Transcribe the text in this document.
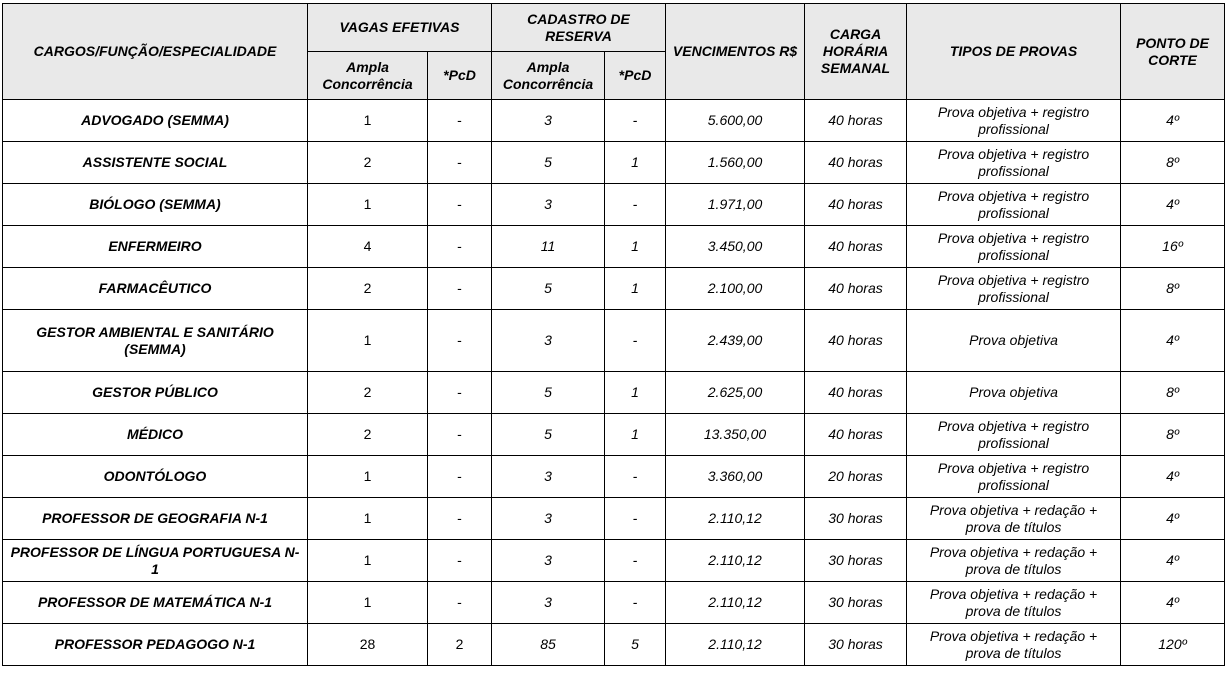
CARGOS/FUNÇÃO/ESPECIALIDADE	VAGAS EFETIVAS		CADASTRO DE RESERVA		VENCIMENTOS R$	CARGA HORÁRIA SEMANAL	TIPOS DE PROVAS	PONTO DE CORTE
	Ampla Concorrência	*PcD	Ampla Concorrência	*PcD				
ADVOGADO (SEMMA)	1	-	3	-	5.600,00	40 horas	Prova objetiva + registro profissional	4º
ASSISTENTE SOCIAL	2	-	5	1	1.560,00	40 horas	Prova objetiva + registro profissional	8º
BIÓLOGO (SEMMA)	1	-	3	-	1.971,00	40 horas	Prova objetiva + registro profissional	4º
ENFERMEIRO	4	-	11	1	3.450,00	40 horas	Prova objetiva + registro profissional	16º
FARMACÊUTICO	2	-	5	1	2.100,00	40 horas	Prova objetiva + registro profissional	8º
GESTOR AMBIENTAL E SANITÁRIO (SEMMA)	1	-	3	-	2.439,00	40 horas	Prova objetiva	4º
GESTOR PÚBLICO	2	-	5	1	2.625,00	40 horas	Prova objetiva	8º
MÉDICO	2	-	5	1	13.350,00	40 horas	Prova objetiva + registro profissional	8º
ODONTÓLOGO	1	-	3	-	3.360,00	20 horas	Prova objetiva + registro profissional	4º
PROFESSOR DE GEOGRAFIA N-1	1	-	3	-	2.110,12	30 horas	Prova objetiva + redação + prova de títulos	4º
PROFESSOR DE LÍNGUA PORTUGUESA N-1	1	-	3	-	2.110,12	30 horas	Prova objetiva + redação + prova de títulos	4º
PROFESSOR DE MATEMÁTICA N-1	1	-	3	-	2.110,12	30 horas	Prova objetiva + redação + prova de títulos	4º
PROFESSOR PEDAGOGO N-1	28	2	85	5	2.110,12	30 horas	Prova objetiva + redação + prova de títulos	120º
